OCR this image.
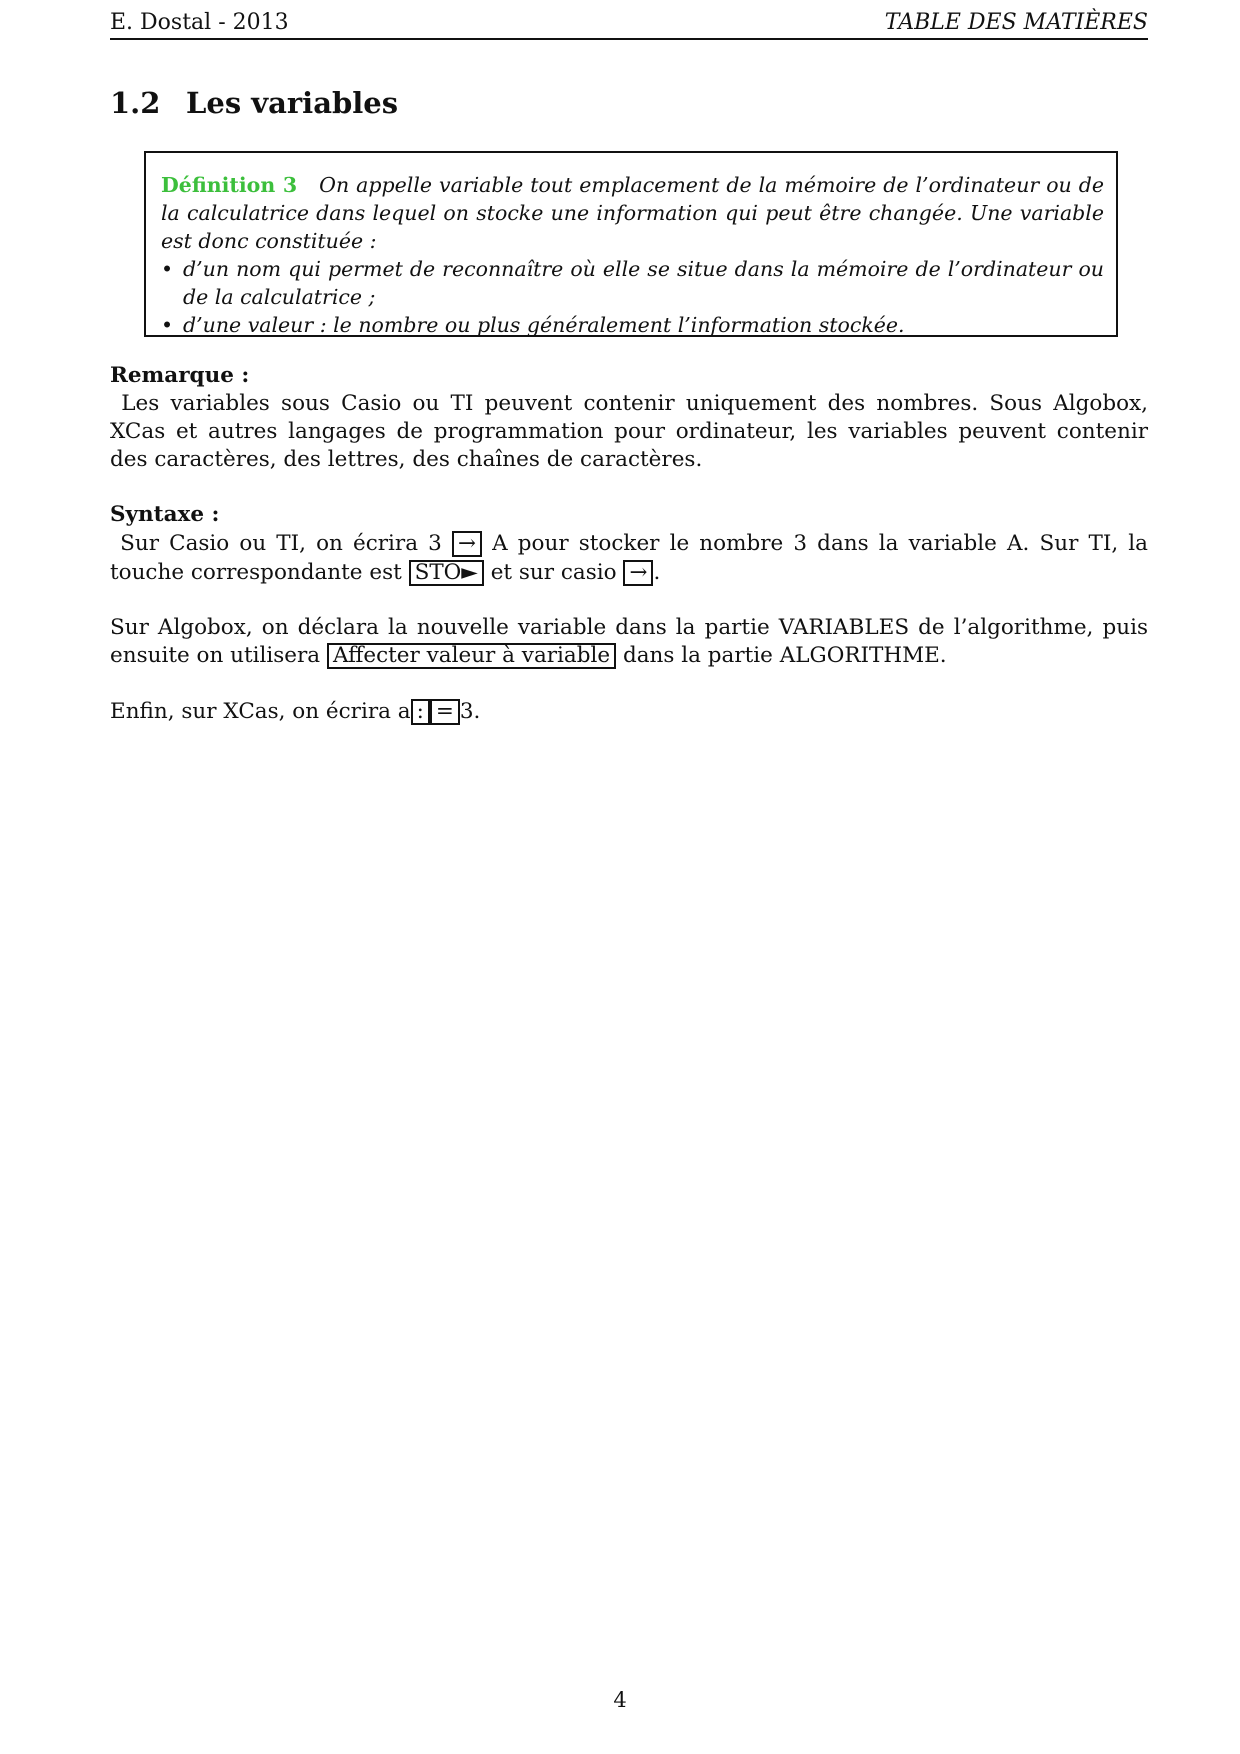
E. Dostal - 2013	TABLE DES MATIÈRES
1.2 Les variables
Définition 3 On appelle variable tout emplacement de la mémoire de l’ordinateur ou de la calculatrice dans lequel on stocke une information qui peut être changée. Une variable est donc constituée :
• d’un nom qui permet de reconnaître où elle se situe dans la mémoire de l’ordinateur ou de la calculatrice ;
• d’une valeur : le nombre ou plus généralement l’information stockée.
Remarque :

Les variables sous Casio ou TI peuvent contenir uniquement des nombres. Sous Algobox, XCas et autres langages de programmation pour ordinateur, les variables peuvent contenir des caractères, des lettres, des chaînes de caractères.

Syntaxe :

Sur Casio ou TI, on écrira 3 → A pour stocker le nombre 3 dans la variable A. Sur TI, la touche correspondante est STO► et sur casio → .

Sur Algobox, on déclara la nouvelle variable dans la partie VARIABLES de l’algorithme, puis ensuite on utilisera Affecter valeur à variable dans la partie ALGORITHME.

Enfin, sur XCas, on écrira a : = 3.

4
